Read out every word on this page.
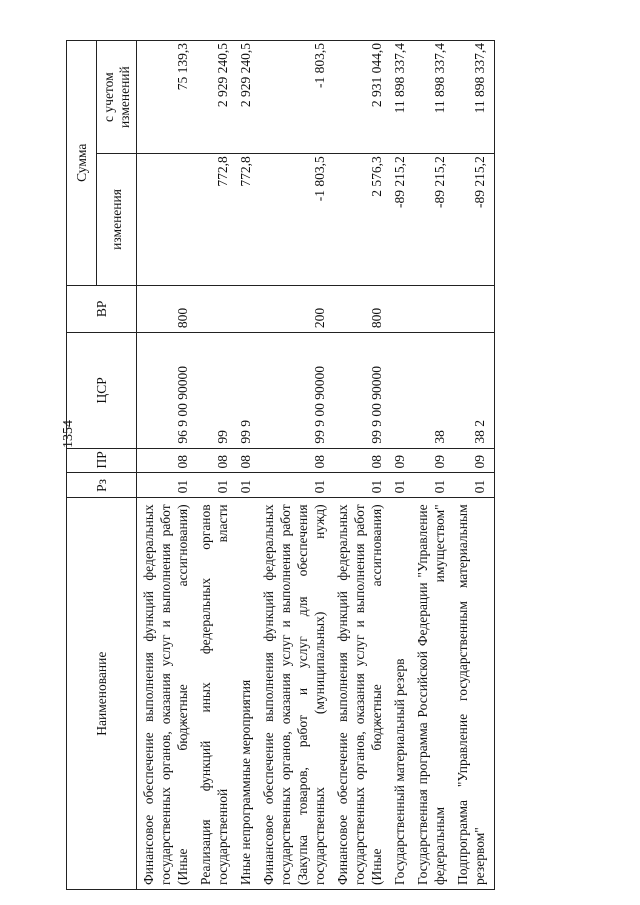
1354
Наименование	Рз	ПР	ЦСР	ВР	Сумма	
					изменения	с учетом изменений
Финансовое обеспечение выполнения функций федеральных государственных органов, оказания услуг и выполнения работ (Иные бюджетные ассигнования)	01	08	96 9 00 90000	800		75 139,3
Реализация функций иных федеральных органов государственной власти	01	08	99		772,8	2 929 240,5
Иные непрограммные мероприятия	01	08	99 9		772,8	2 929 240,5
Финансовое обеспечение выполнения функций федеральных государственных органов, оказания услуг и выполнения работ (Закупка товаров, работ и услуг для обеспечения государственных (муниципальных) нужд)	01	08	99 9 00 90000	200	-1 803,5	-1 803,5
Финансовое обеспечение выполнения функций федеральных государственных органов, оказания услуг и выполнения работ (Иные бюджетные ассигнования)	01	08	99 9 00 90000	800	2 576,3	2 931 044,0
Государственный материальный резерв	01	09			-89 215,2	11 898 337,4
Государственная программа Российской Федерации "Управление федеральным имуществом"	01	09	38		-89 215,2	11 898 337,4
Подпрограмма "Управление государственным материальным резервом"	01	09	38 2		-89 215,2	11 898 337,4
